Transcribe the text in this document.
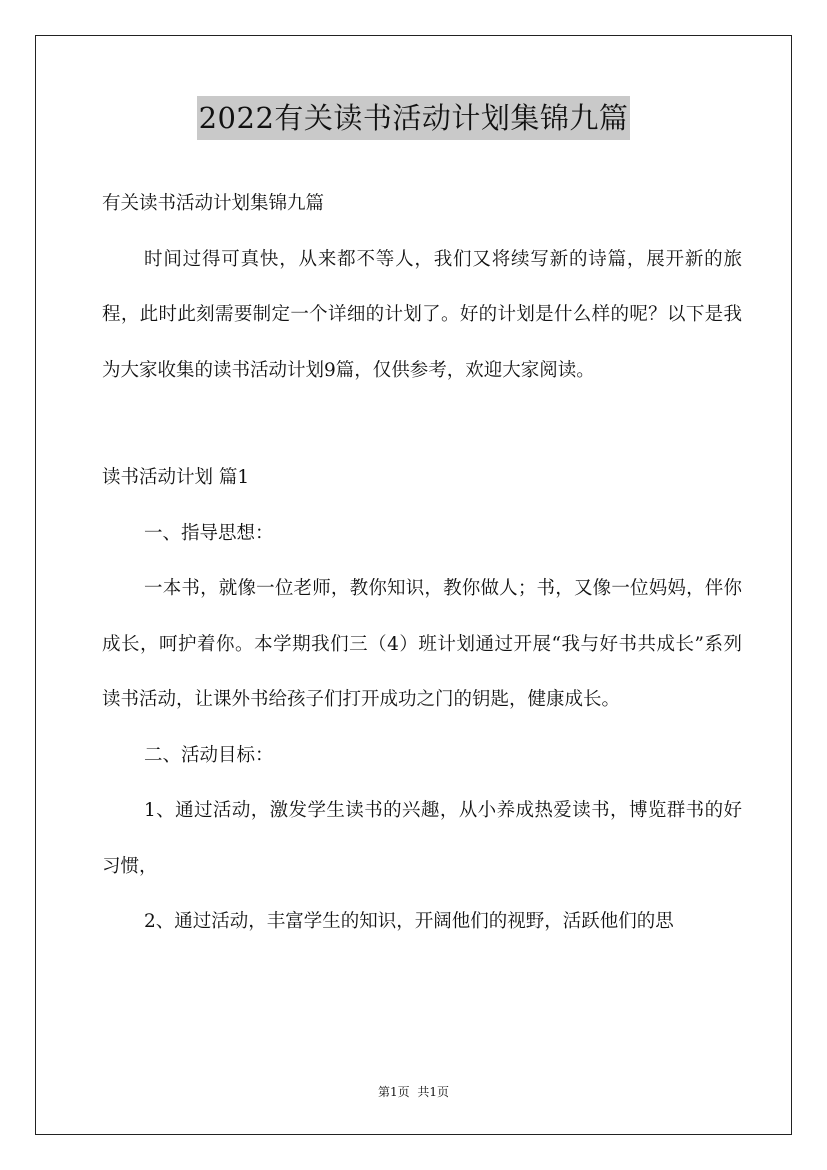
2022有关读书活动计划集锦九篇

有关读书活动计划集锦九篇

时间过得可真快，从来都不等人，我们又将续写新的诗篇，展开新的旅程，此时此刻需要制定一个详细的计划了。好的计划是什么样的呢？以下是我为大家收集的读书活动计划9篇，仅供参考，欢迎大家阅读。

读书活动计划 篇1

一、指导思想：

一本书，就像一位老师，教你知识，教你做人；书，又像一位妈妈，伴你成长，呵护着你。本学期我们三（4）班计划通过开展“我与好书共成长”系列读书活动，让课外书给孩子们打开成功之门的钥匙，健康成长。

二、活动目标：

1、通过活动，激发学生读书的兴趣，从小养成热爱读书，博览群书的好习惯，

2、通过活动，丰富学生的知识，开阔他们的视野，活跃他们的思

第1页 共1页
